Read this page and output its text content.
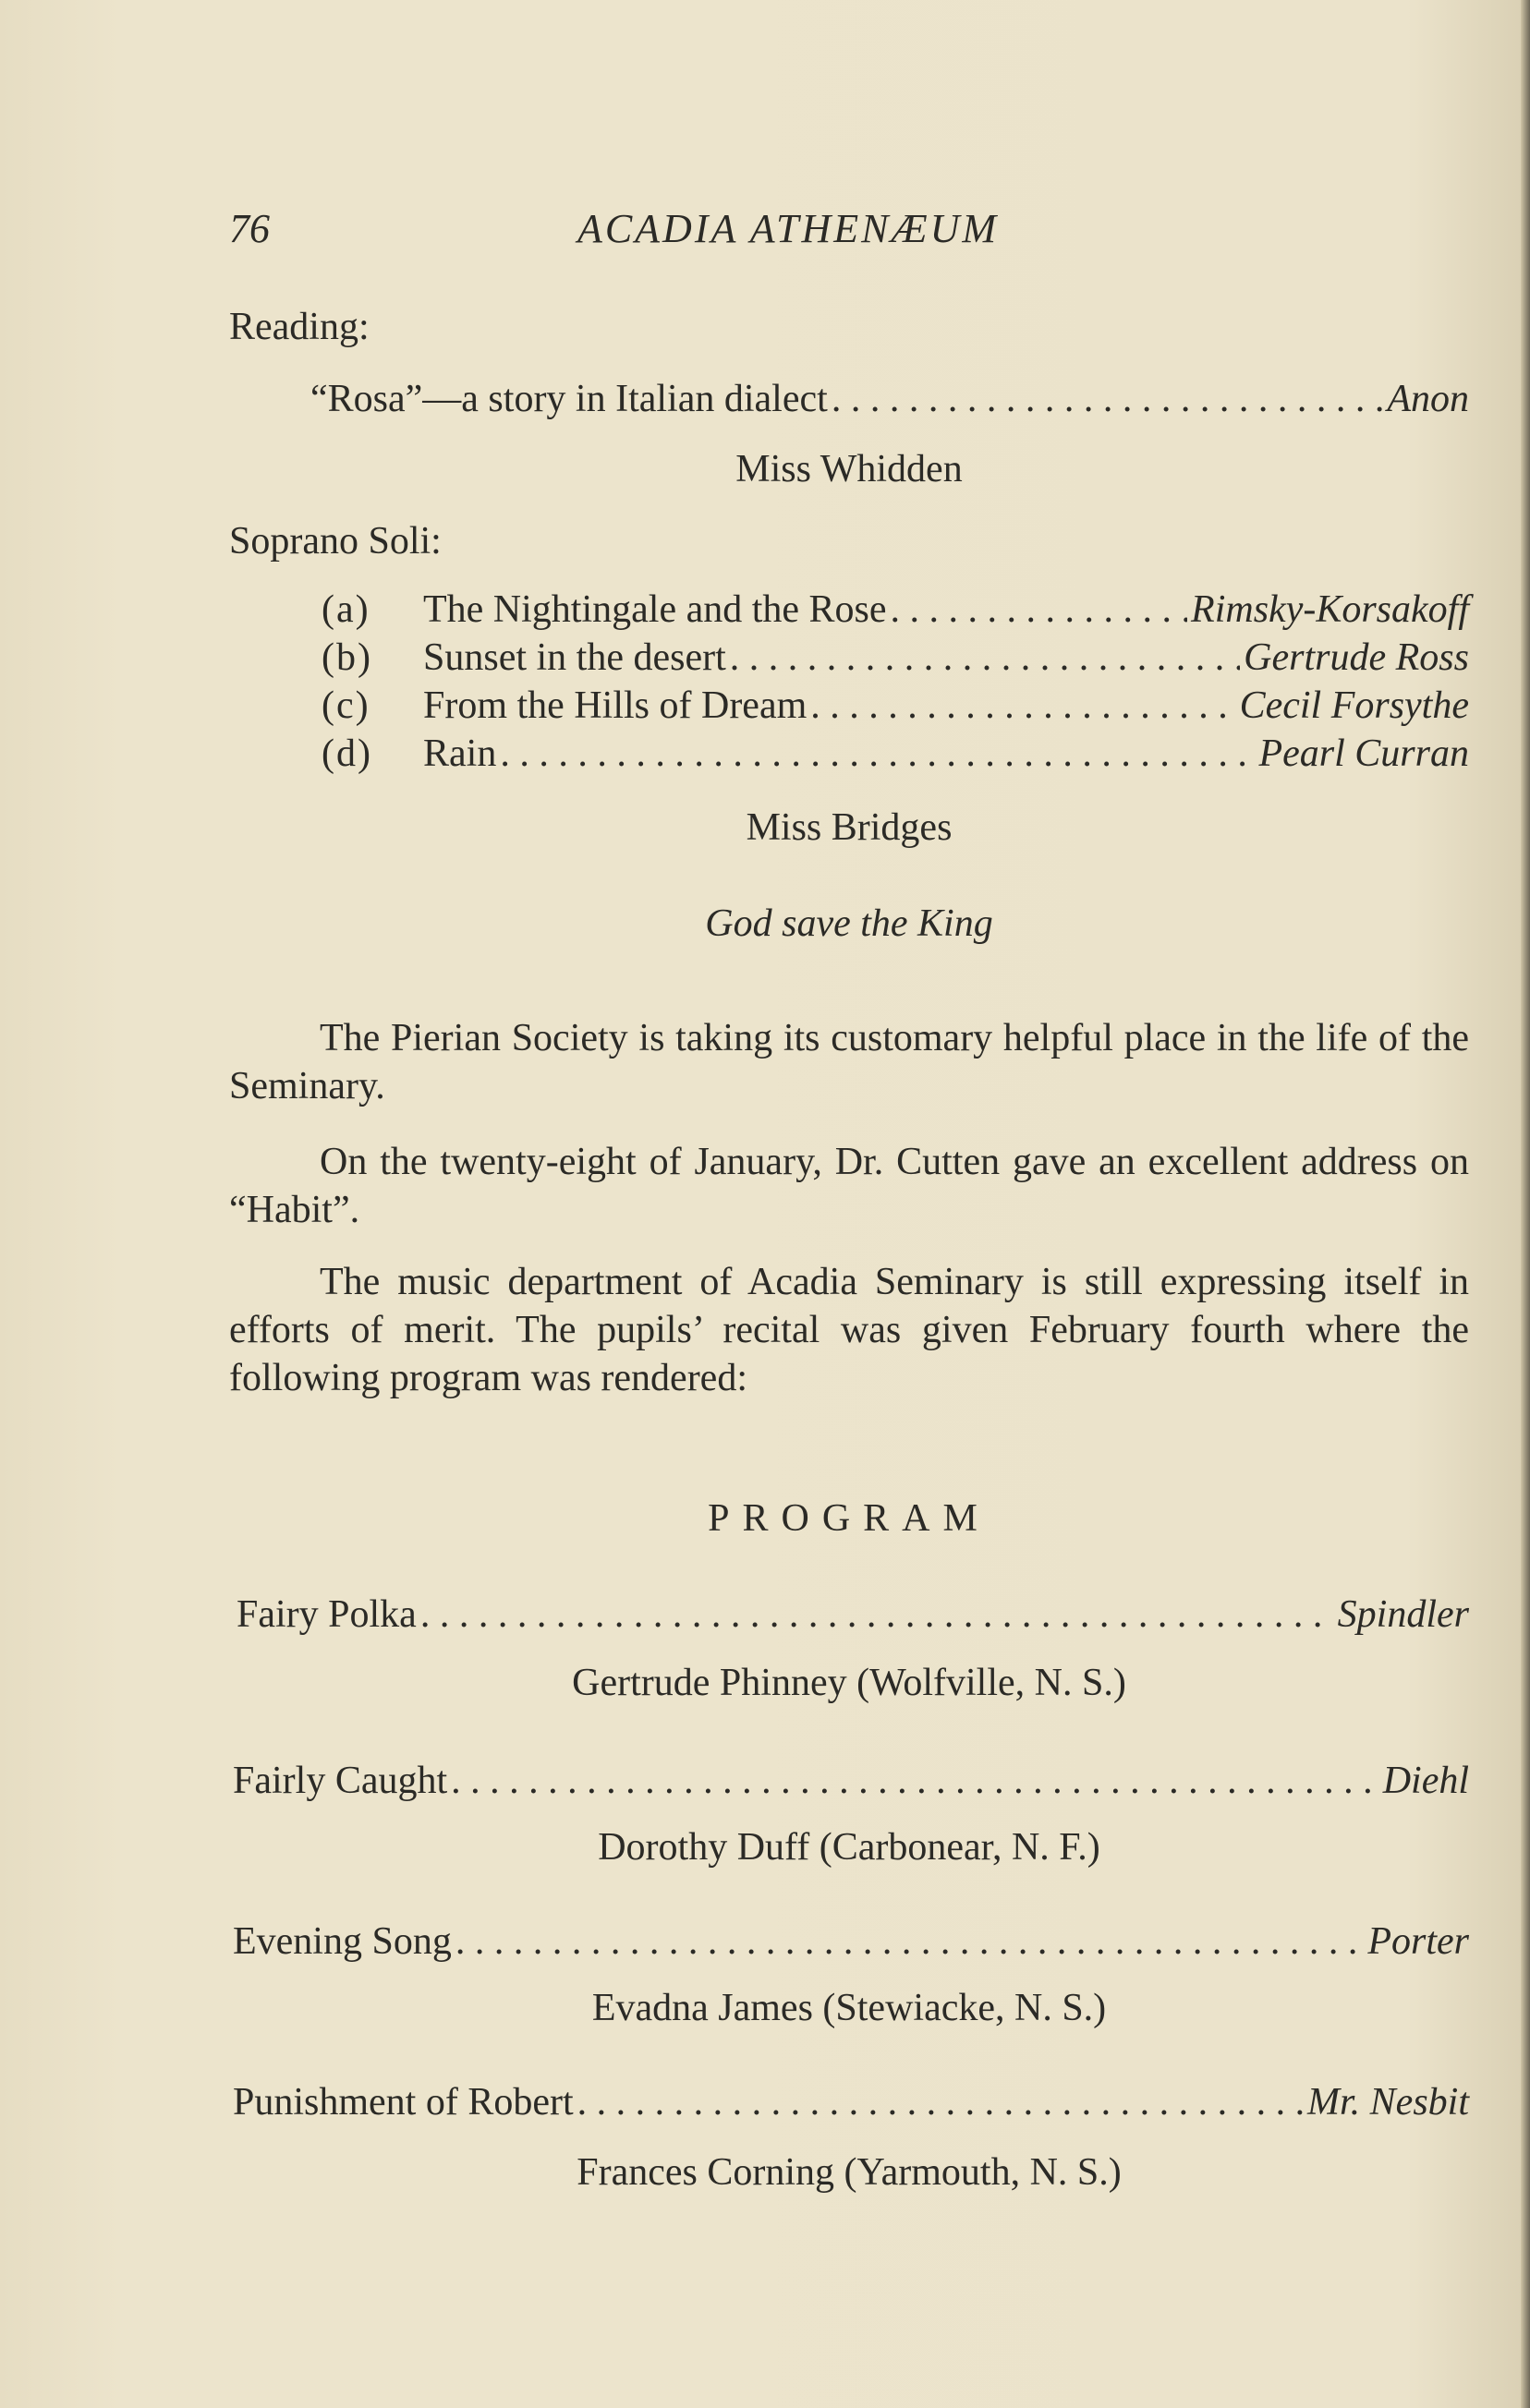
76	ACADIA ATHENÆUM
Reading:
“Rosa”—a story in Italian dialect . . .	Anon
Miss Whidden
Soprano Soli:
(a)	The Nightingale and the Rose . . .	Rimsky-Korsakoff
(b)	Sunset in the desert . . .	Gertrude Ross
(c)	From the Hills of Dream . . .	Cecil Forsythe
(d)	Rain . . .	Pearl Curran
Miss Bridges
God save the King

The Pierian Society is taking its customary helpful place in the life of the Seminary.

On the twenty-eight of January, Dr. Cutten gave an excellent address on “Habit”.

The music department of Acadia Seminary is still expressing itself in efforts of merit. The pupils’ recital was given February fourth where the following program was rendered:

PROGRAM
Fairy Polka . . .	Spindler
Gertrude Phinney (Wolfville, N. S.)
Fairly Caught . . .	Diehl
Dorothy Duff (Carbonear, N. F.)
Evening Song . . .	Porter
Evadna James (Stewiacke, N. S.)
Punishment of Robert . . .	Mr. Nesbit
Frances Corning (Yarmouth, N. S.)
